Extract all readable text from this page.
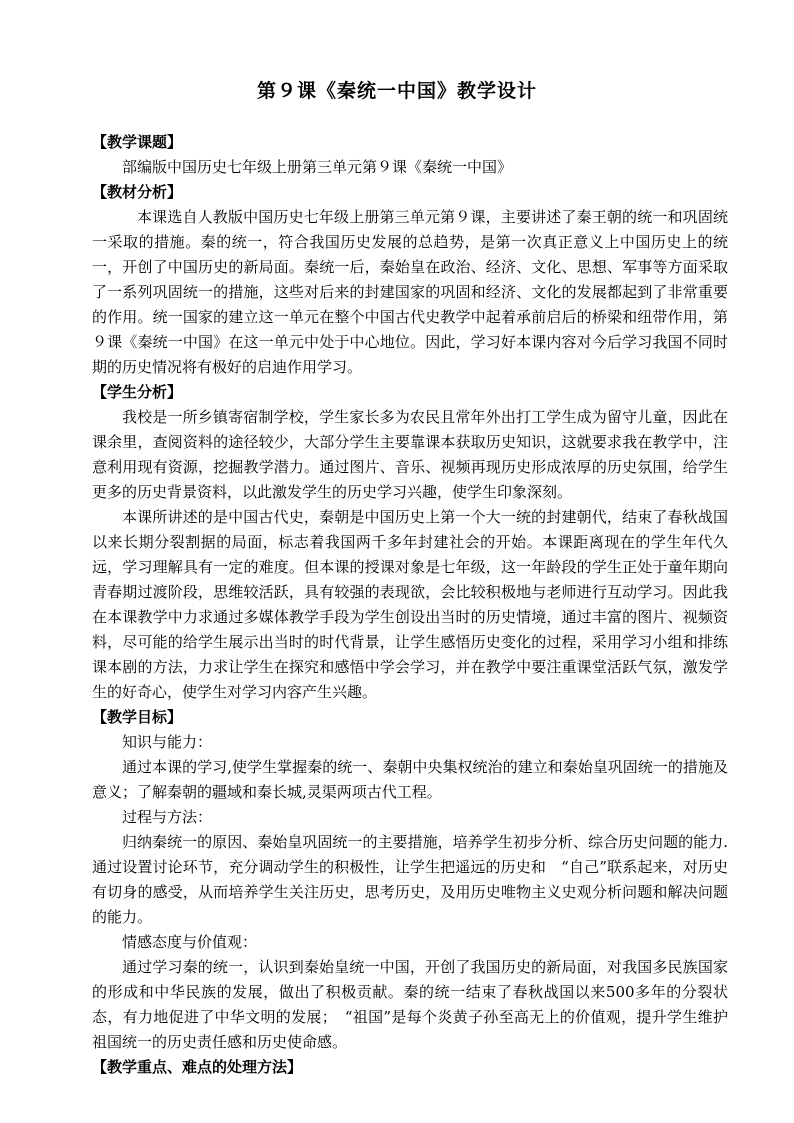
第９课《秦统一中国》教学设计
【教学课题】

部编版中国历史七年级上册第三单元第９课《秦统一中国》

【教材分析】

本课选自人教版中国历史七年级上册第三单元第９课，主要讲述了秦王朝的统一和巩固统一采取的措施。秦的统一，符合我国历史发展的总趋势，是第一次真正意义上中国历史上的统一，开创了中国历史的新局面。秦统一后，秦始皇在政治、经济、文化、思想、军事等方面采取了一系列巩固统一的措施，这些对后来的封建国家的巩固和经济、文化的发展都起到了非常重要的作用。统一国家的建立这一单元在整个中国古代史教学中起着承前启后的桥梁和纽带作用，第９课《秦统一中国》在这一单元中处于中心地位。因此，学习好本课内容对今后学习我国不同时期的历史情况将有极好的启迪作用学习。

【学生分析】

我校是一所乡镇寄宿制学校，学生家长多为农民且常年外出打工学生成为留守儿童，因此在课余里，查阅资料的途径较少，大部分学生主要靠课本获取历史知识，这就要求我在教学中，注意利用现有资源，挖掘教学潜力。通过图片、音乐、视频再现历史形成浓厚的历史氛围，给学生更多的历史背景资料，以此激发学生的历史学习兴趣，使学生印象深刻。

本课所讲述的是中国古代史，秦朝是中国历史上第一个大一统的封建朝代，结束了春秋战国以来长期分裂割据的局面，标志着我国两千多年封建社会的开始。本课距离现在的学生年代久远，学习理解具有一定的难度。但本课的授课对象是七年级，这一年龄段的学生正处于童年期向青春期过渡阶段，思维较活跃，具有较强的表现欲，会比较积极地与老师进行互动学习。因此我在本课教学中力求通过多媒体教学手段为学生创设出当时的历史情境，通过丰富的图片、视频资料，尽可能的给学生展示出当时的时代背景，让学生感悟历史变化的过程，采用学习小组和排练课本剧的方法，力求让学生在探究和感悟中学会学习，并在教学中要注重课堂活跃气氛，激发学生的好奇心，使学生对学习内容产生兴趣。

【教学目标】

知识与能力：

通过本课的学习,使学生掌握秦的统一、秦朝中央集权统治的建立和秦始皇巩固统一的措施及意义；了解秦朝的疆域和秦长城,灵渠两项古代工程。

过程与方法：

归纳秦统一的原因、秦始皇巩固统一的主要措施，培养学生初步分析、综合历史问题的能力.通过设置讨论环节，充分调动学生的积极性，让学生把遥远的历史和　“自己”联系起来，对历史有切身的感受，从而培养学生关注历史，思考历史，及用历史唯物主义史观分析问题和解决问题的能力。

情感态度与价值观：

通过学习秦的统一，认识到秦始皇统一中国，开创了我国历史的新局面，对我国多民族国家的形成和中华民族的发展，做出了积极贡献。秦的统一结束了春秋战国以来500多年的分裂状态，有力地促进了中华文明的发展；　“祖国”是每个炎黄子孙至高无上的价值观，提升学生维护祖国统一的历史责任感和历史使命感。

【教学重点、难点的处理方法】
